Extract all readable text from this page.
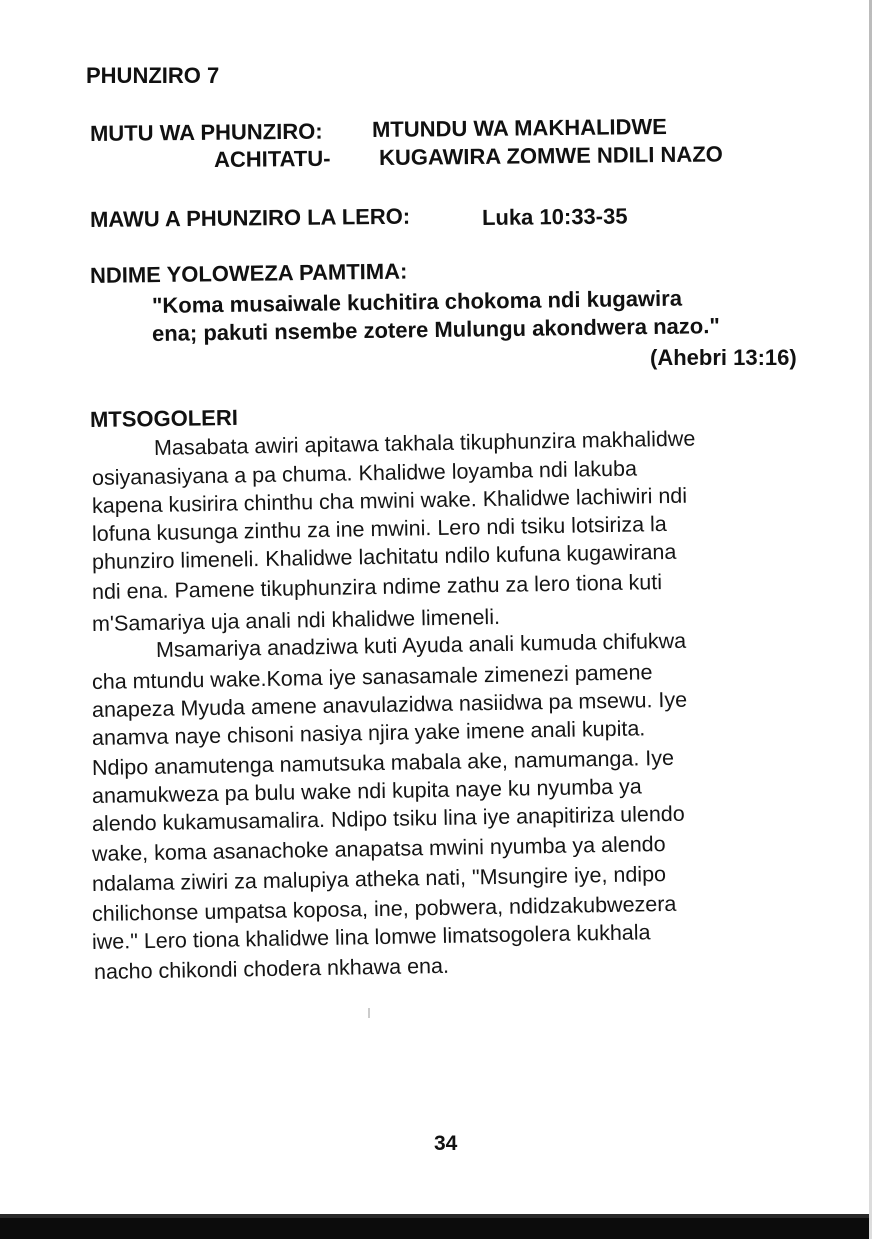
PHUNZIRO 7
MUTU WA PHUNZIRO: MTUNDU WA MAKHALIDWE
ACHITATU- KUGAWIRA ZOMWE NDILI NAZO
MAWU A PHUNZIRO LA LERO:	Luka 10:33-35
NDIME YOLOWEZA PAMTIMA:
"Koma musaiwale kuchitira chokoma ndi kugawira
ena; pakuti nsembe zotere Mulungu akondwera nazo."
(Ahebri 13:16)
MTSOGOLERI
Masabata awiri apitawa takhala tikuphunzira makhalidwe
osiyanasiyana a pa chuma. Khalidwe loyamba ndi lakuba
kapena kusirira chinthu cha mwini wake. Khalidwe lachiwiri ndi
lofuna kusunga zinthu za ine mwini. Lero ndi tsiku lotsiriza la
phunziro limeneli. Khalidwe lachitatu ndilo kufuna kugawirana
ndi ena. Pamene tikuphunzira ndime zathu za lero tiona kuti
m'Samariya uja anali ndi khalidwe limeneli.
Msamariya anadziwa kuti Ayuda anali kumuda chifukwa
cha mtundu wake.Koma iye sanasamale zimenezi pamene
anapeza Myuda amene anavulazidwa nasiidwa pa msewu. Iye
anamva naye chisoni nasiya njira yake imene anali kupita.
Ndipo anamutenga namutsuka mabala ake, namumanga. Iye
anamukweza pa bulu wake ndi kupita naye ku nyumba ya
alendo kukamusamalira. Ndipo tsiku lina iye anapitiriza ulendo
wake, koma asanachoke anapatsa mwini nyumba ya alendo
ndalama ziwiri za malupiya atheka nati, "Msungire iye, ndipo
chilichonse umpatsa koposa, ine, pobwera, ndidzakubwezera
iwe." Lero tiona khalidwe lina lomwe limatsogolera kukhala
nacho chikondi chodera nkhawa ena.
34
